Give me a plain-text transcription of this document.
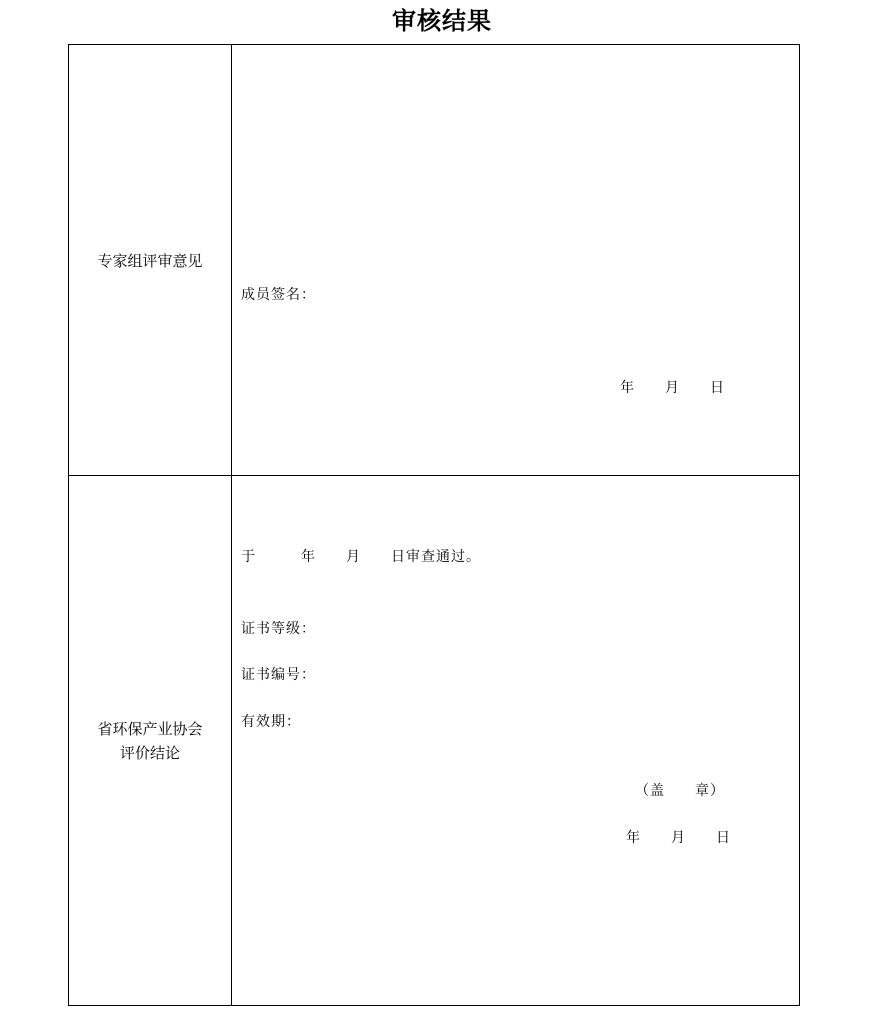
审核结果
专家组评审意见
成员签名：
年　　月　　日
省环保产业协会
评价结论
于　　　年　　月　　日审查通过。
证书等级：
证书编号：
有效期：
（盖　　章）
年　　月　　日
